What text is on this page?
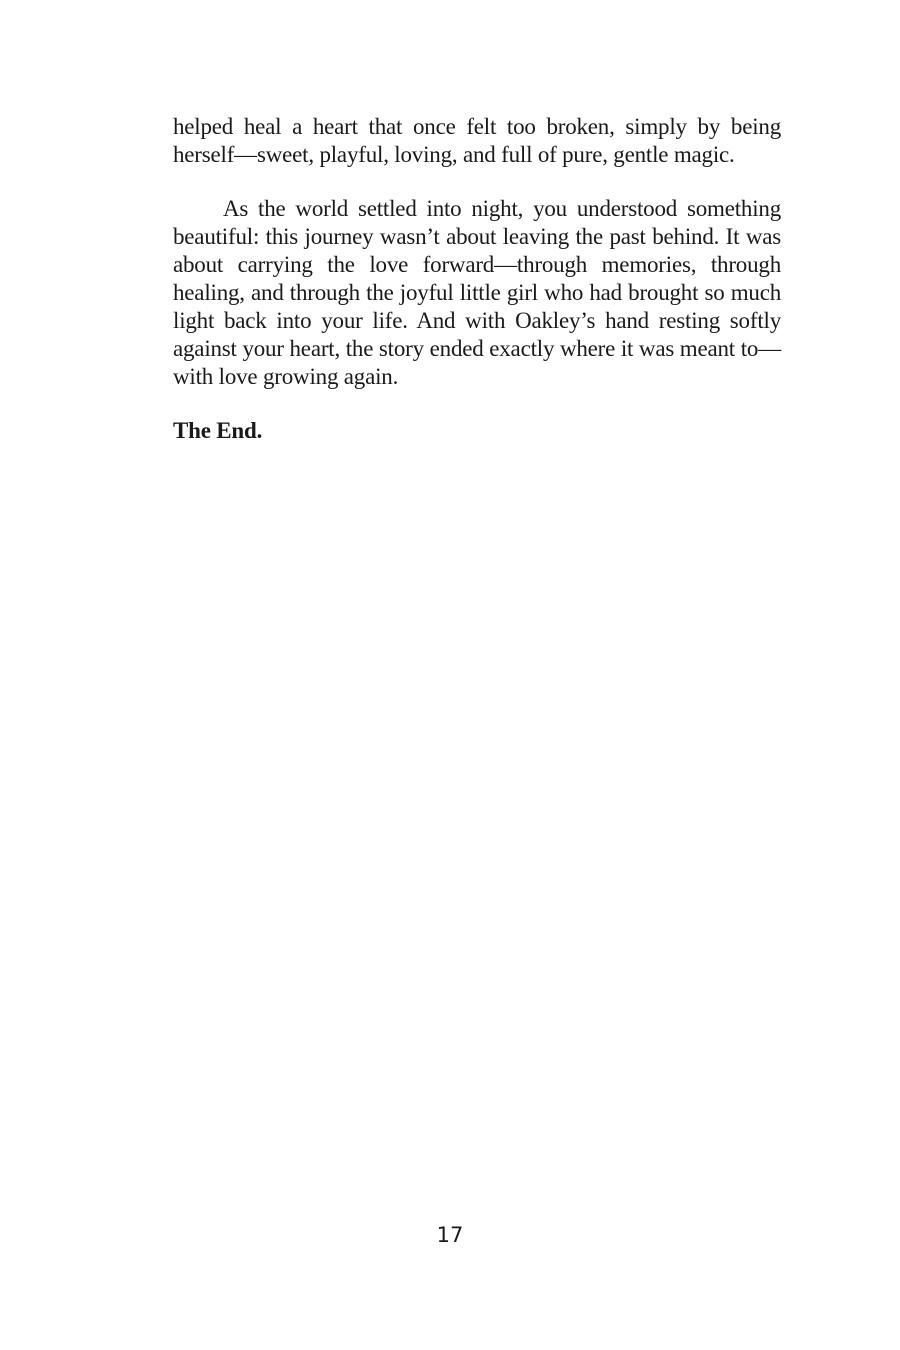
helped heal a heart that once felt too broken, simply by being herself—sweet, playful, loving, and full of pure, gentle magic.

As the world settled into night, you understood something beautiful: this journey wasn’t about leaving the past behind. It was about carrying the love forward—through memories, through healing, and through the joyful little girl who had brought so much light back into your life. And with Oakley’s hand resting softly against your heart, the story ended exactly where it was meant to—with love growing again.

The End.

17
